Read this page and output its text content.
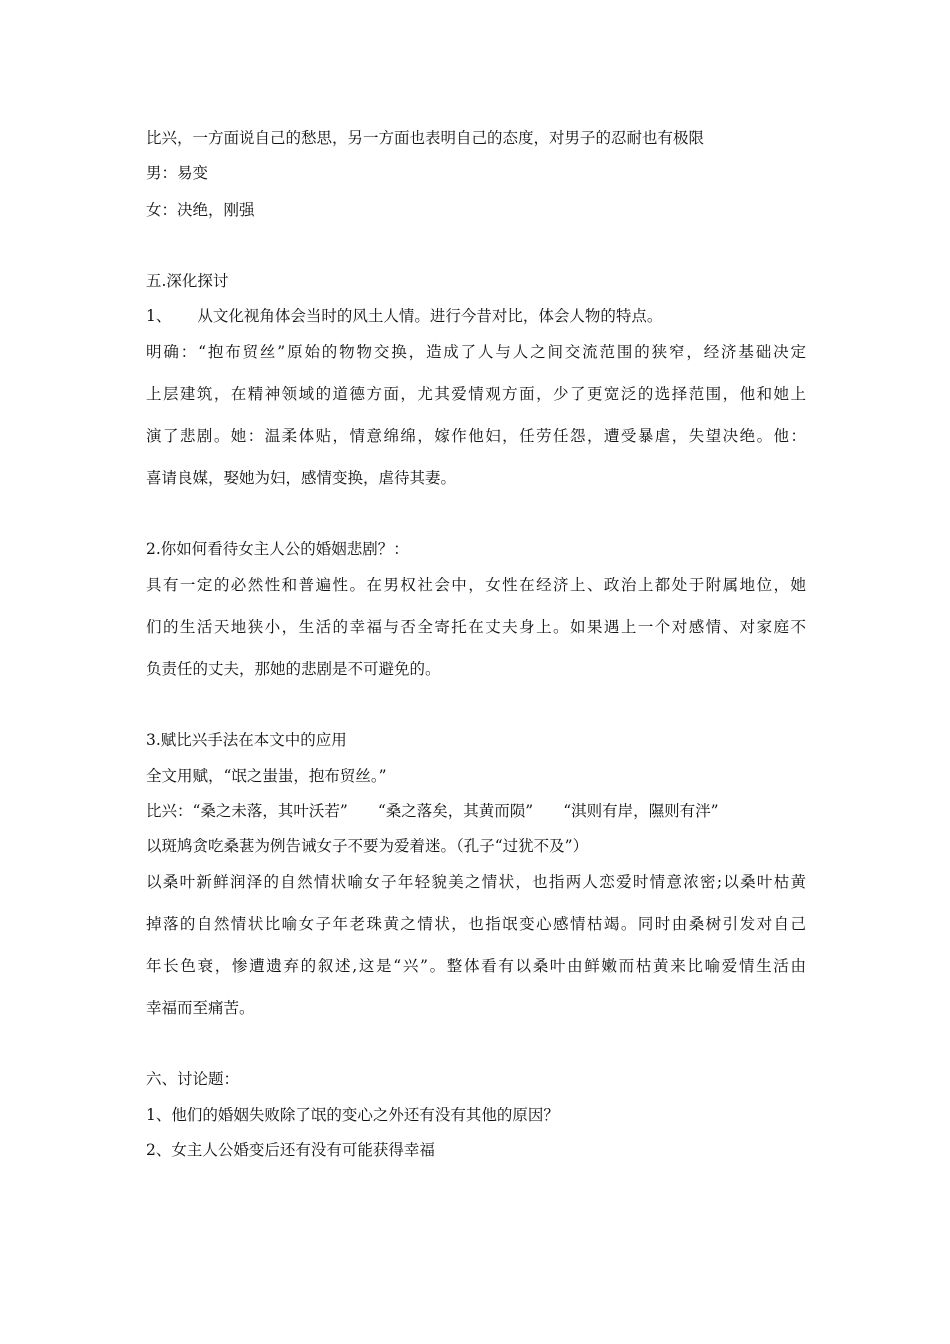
比兴，一方面说自己的愁思，另一方面也表明自己的态度，对男子的忍耐也有极限
男：易变
女：决绝，刚强
五.深化探讨
1、 从文化视角体会当时的风土人情。进行今昔对比，体会人物的特点。
明确：“抱布贸丝”原始的物物交换，造成了人与人之间交流范围的狭窄，经济基础决定
上层建筑，在精神领域的道德方面，尤其爱情观方面，少了更宽泛的选择范围，他和她上
演了悲剧。她：温柔体贴，情意绵绵，嫁作他妇，任劳任怨，遭受暴虐，失望决绝。他：
喜请良媒，娶她为妇，感情变换，虐待其妻。
2.你如何看待女主人公的婚姻悲剧？：
具有一定的必然性和普遍性。在男权社会中，女性在经济上、政治上都处于附属地位，她
们的生活天地狭小，生活的幸福与否全寄托在丈夫身上。如果遇上一个对感情、对家庭不
负责任的丈夫，那她的悲剧是不可避免的。
3.赋比兴手法在本文中的应用
全文用赋，“氓之蚩蚩，抱布贸丝。”
比兴：“桑之未落，其叶沃若” “桑之落矣，其黄而陨” “淇则有岸，隰则有泮”
以斑鸠贪吃桑葚为例告诫女子不要为爱着迷。（孔子“过犹不及”）
以桑叶新鲜润泽的自然情状喻女子年轻貌美之情状，也指两人恋爱时情意浓密;以桑叶枯黄
掉落的自然情状比喻女子年老珠黄之情状，也指氓变心感情枯竭。同时由桑树引发对自己
年长色衰，惨遭遗弃的叙述,这是“兴”。整体看有以桑叶由鲜嫩而枯黄来比喻爱情生活由
幸福而至痛苦。
六、讨论题：
1、他们的婚姻失败除了氓的变心之外还有没有其他的原因？
2、女主人公婚变后还有没有可能获得幸福
